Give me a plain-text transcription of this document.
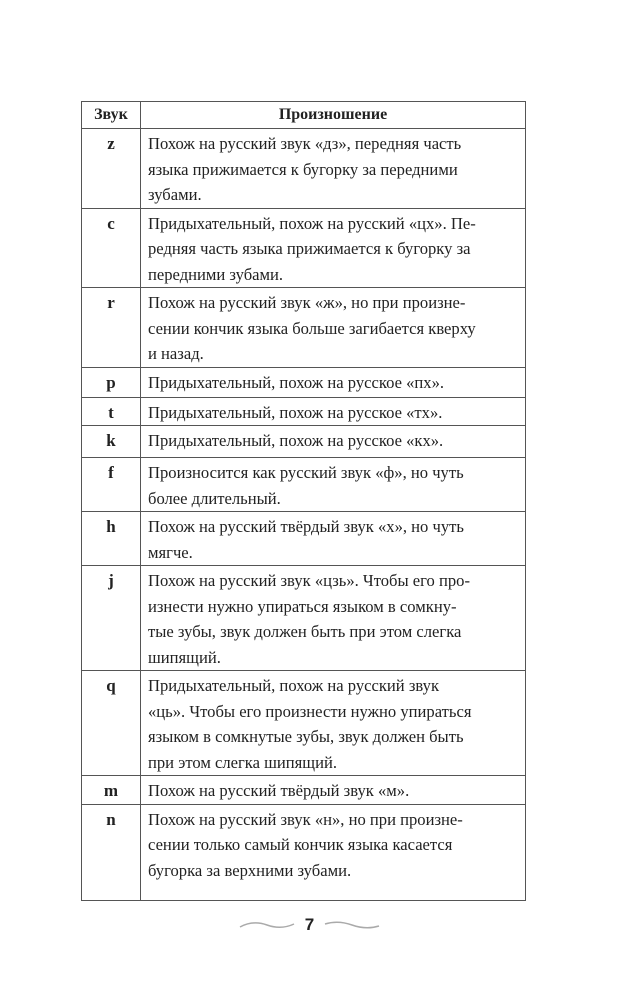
Звук	Произношение
z	Похож на русский звук «дз», передняя часть
языка прижимается к бугорку за передними
зубами.

c	Придыхательный, похож на русский «цх». Пе-
редняя часть языка прижимается к бугорку за
передними зубами.

r	Похож на русский звук «ж», но при произне-
сении кончик языка больше загибается кверху
и назад.

p	Придыхательный, похож на русское «пх».

t	Придыхательный, похож на русское «тх».

k	Придыхательный, похож на русское «кх».

f	Произносится как русский звук «ф», но чуть
более длительный.

h	Похож на русский твёрдый звук «х», но чуть
мягче.

j	Похож на русский звук «цзь». Чтобы его про-
изнести нужно упираться языком в сомкну-
тые зубы, звук должен быть при этом слегка
шипящий.

q	Придыхательный, похож на русский звук
«ць». Чтобы его произнести нужно упираться
языком в сомкнутые зубы, звук должен быть
при этом слегка шипящий.

m	Похож на русский твёрдый звук «м».

n	Похож на русский звук «н», но при произне-
сении только самый кончик языка касается
бугорка за верхними зубами.
7
